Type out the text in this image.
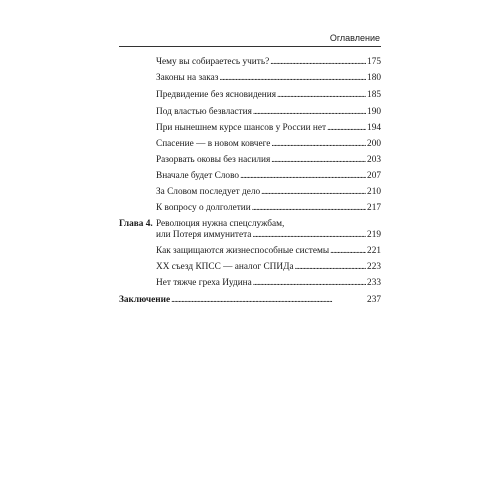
Оглавление
Чему вы собираетесь учить? . . .	175
Законы на заказ . . .	180
Предвидение без ясновидения . . .	185
Под властью безвластия . . .	190
При нынешнем курсе шансов у России нет . . .	194
Спасение — в новом ковчеге . . .	200
Разорвать оковы без насилия . . .	203
Вначале будет Слово . . .	207
За Словом последует дело . . .	210
К вопросу о долголетии . . .	217
Глава 4. Революция нужна спецслужбам,
или Потеря иммунитета . . .	219
Как защищаются жизнеспособные системы . . .	221
XX съезд КПСС — аналог СПИДа . . .	223
Нет тяжче греха Иудина . . .	233
Заключение . . .	237
